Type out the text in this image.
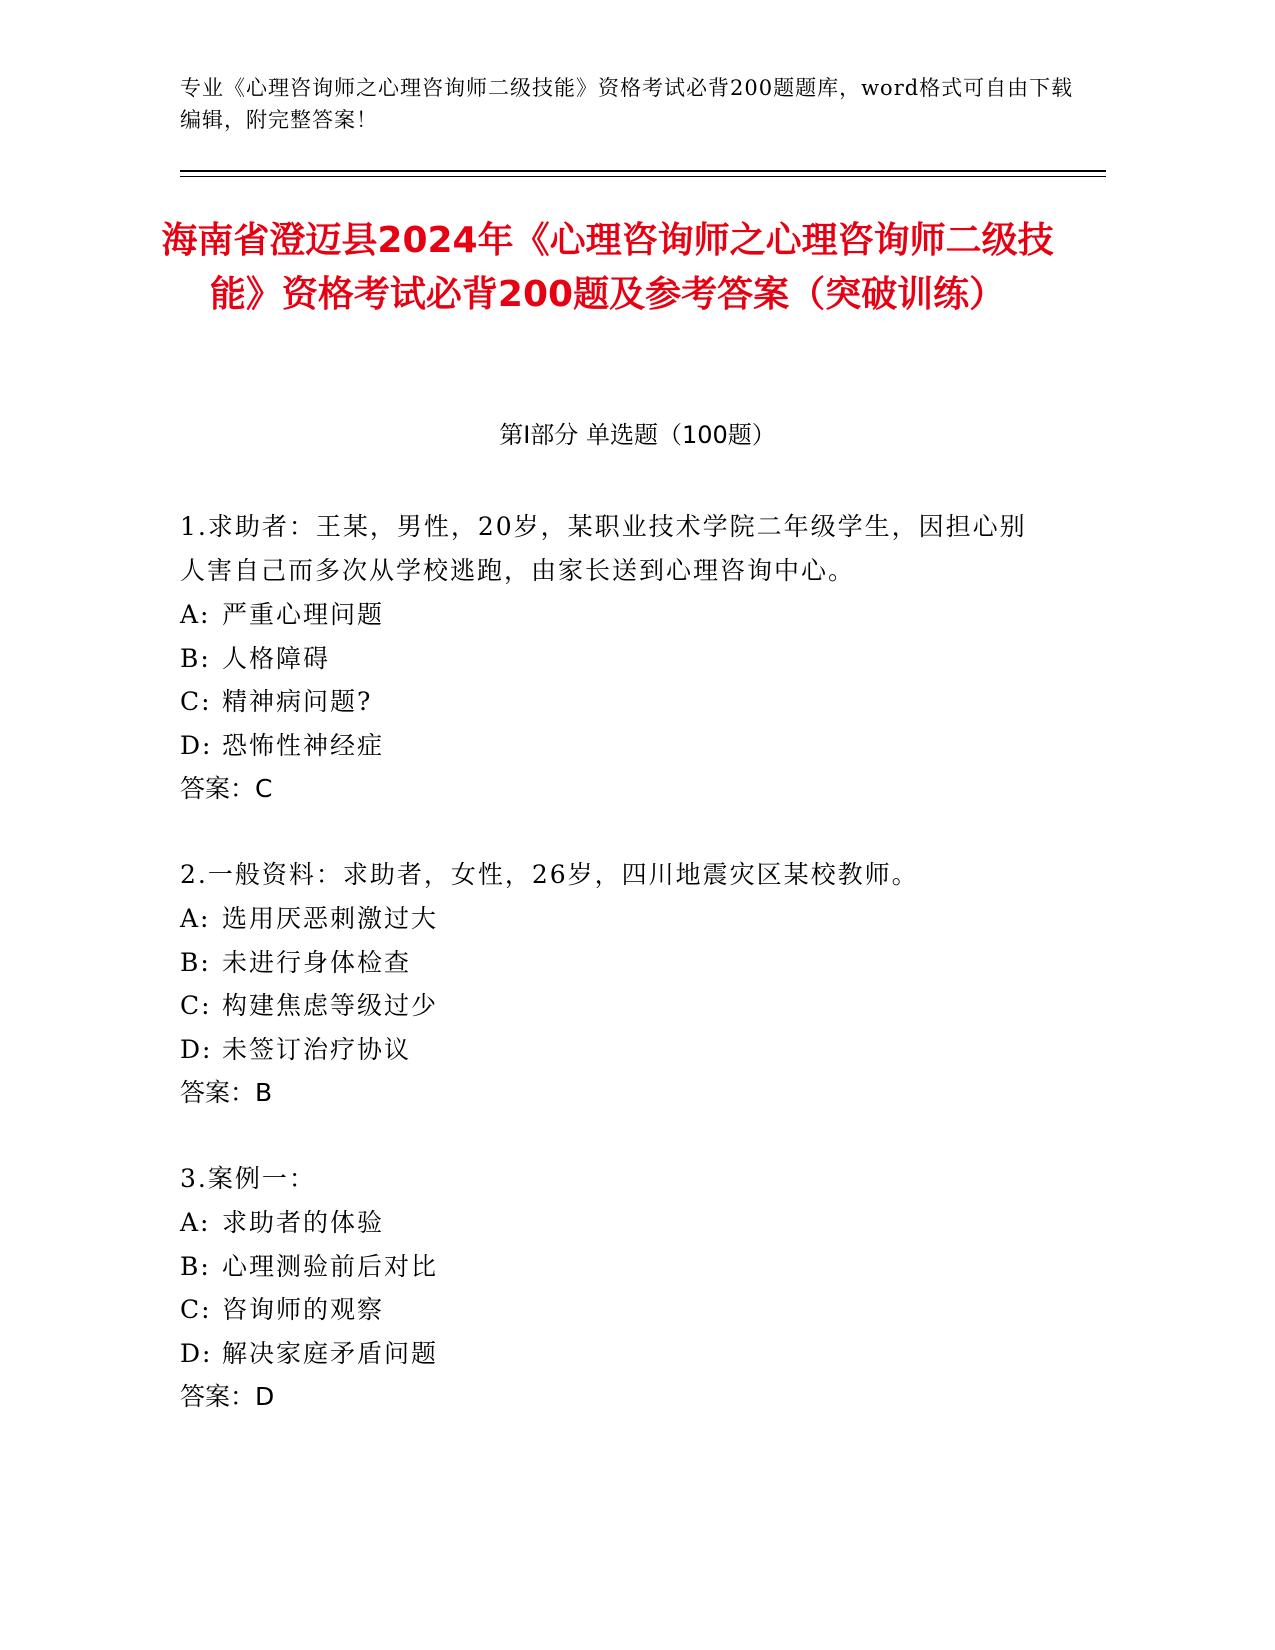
专业《心理咨询师之心理咨询师二级技能》资格考试必背200题题库，word格式可自由下载编辑，附完整答案！
海南省澄迈县2024年《心理咨询师之心理咨询师二级技能》资格考试必背200题及参考答案（突破训练）
第Ⅰ部分 单选题（100题）
1.求助者：王某，男性，20岁，某职业技术学院二年级学生，因担心别人害自己而多次从学校逃跑，由家长送到心理咨询中心。
A: 严重心理问题
B: 人格障碍
C: 精神病问题?
D: 恐怖性神经症
答案：C
2.一般资料：求助者，女性，26岁，四川地震灾区某校教师。
A: 选用厌恶刺激过大
B: 未进行身体检查
C: 构建焦虑等级过少
D: 未签订治疗协议
答案：B
3.案例一：
A: 求助者的体验
B: 心理测验前后对比
C: 咨询师的观察
D: 解决家庭矛盾问题
答案：D
